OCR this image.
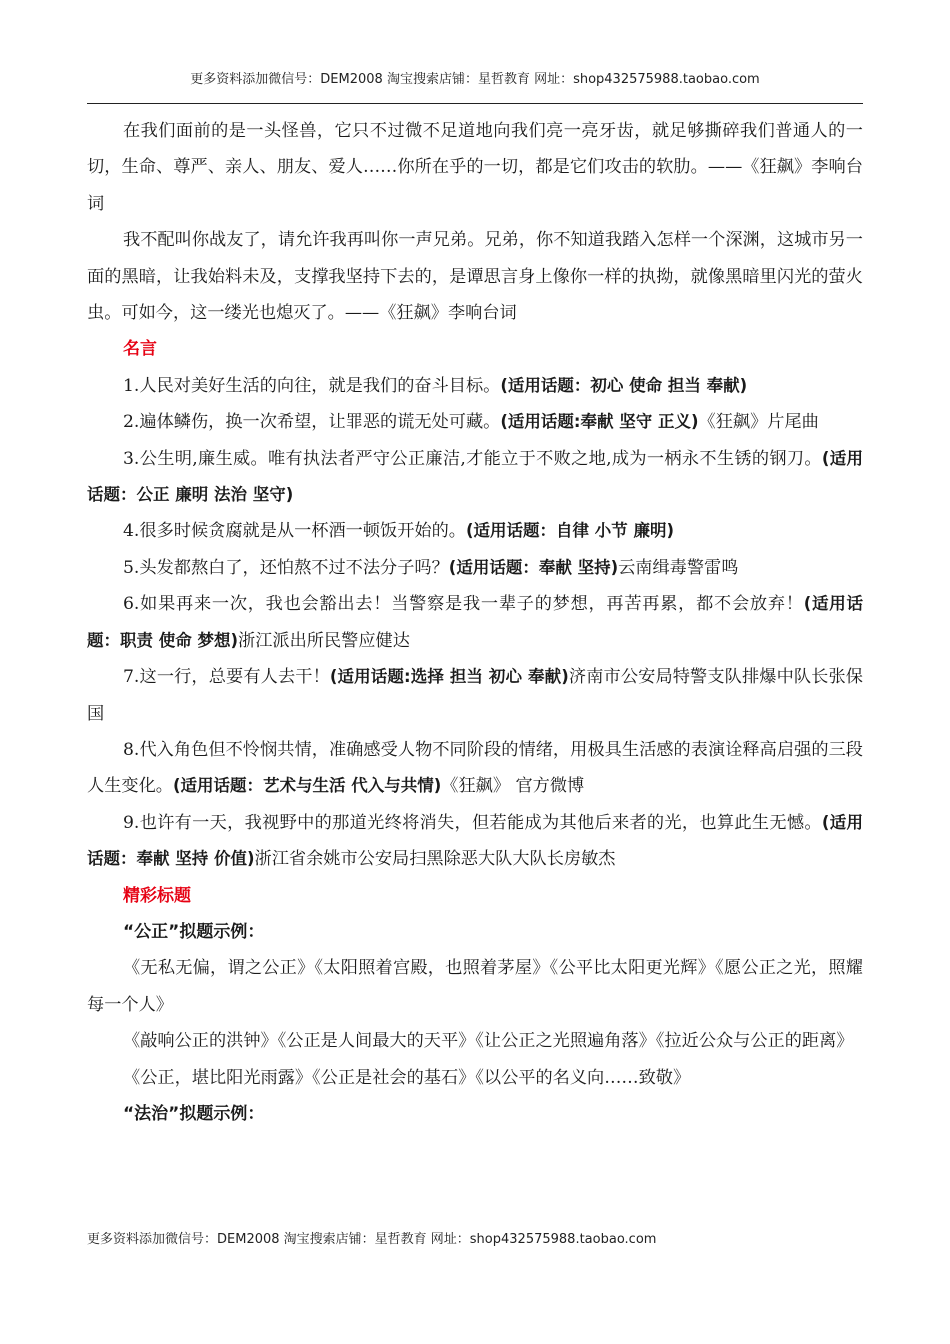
更多资料添加微信号：DEM2008 淘宝搜索店铺：星哲教育 网址：shop432575988.taobao.com

在我们面前的是一头怪兽，它只不过微不足道地向我们亮一亮牙齿，就足够撕碎我们普通人的一切，生命、尊严、亲人、朋友、爱人……你所在乎的一切，都是它们攻击的软肋。——《狂飙》李响台词

我不配叫你战友了，请允许我再叫你一声兄弟。兄弟，你不知道我踏入怎样一个深渊，这城市另一面的黑暗，让我始料未及，支撑我坚持下去的，是谭思言身上像你一样的执拗，就像黑暗里闪光的萤火虫。可如今，这一缕光也熄灭了。——《狂飙》李响台词

名言

1.人民对美好生活的向往，就是我们的奋斗目标。(适用话题：初心 使命 担当 奉献)

2.遍体鳞伤，换一次希望，让罪恶的谎无处可藏。(适用话题:奉献 坚守 正义)《狂飙》片尾曲

3.公生明,廉生威。唯有执法者严守公正廉洁,才能立于不败之地,成为一柄永不生锈的钢刀。(适用话题：公正 廉明 法治 坚守)

4.很多时候贪腐就是从一杯酒一顿饭开始的。(适用话题：自律 小节 廉明)

5.头发都熬白了，还怕熬不过不法分子吗？(适用话题：奉献 坚持)云南缉毒警雷鸣

6.如果再来一次，我也会豁出去！当警察是我一辈子的梦想，再苦再累，都不会放弃！(适用话题：职责 使命 梦想)浙江派出所民警应健达

7.这一行，总要有人去干！(适用话题:选择 担当 初心 奉献)济南市公安局特警支队排爆中队长张保国

8.代入角色但不怜悯共情，准确感受人物不同阶段的情绪，用极具生活感的表演诠释高启强的三段人生变化。(适用话题：艺术与生活 代入与共情)《狂飙》 官方微博

9.也许有一天，我视野中的那道光终将消失，但若能成为其他后来者的光，也算此生无憾。(适用话题：奉献 坚持 价值)浙江省余姚市公安局扫黑除恶大队大队长房敏杰

精彩标题

“公正”拟题示例：

《无私无偏，谓之公正》《太阳照着宫殿，也照着茅屋》《公平比太阳更光辉》《愿公正之光，照耀每一个人》

《敲响公正的洪钟》《公正是人间最大的天平》《让公正之光照遍角落》《拉近公众与公正的距离》

《公正，堪比阳光雨露》《公正是社会的基石》《以公平的名义向……致敬》

“法治”拟题示例：

更多资料添加微信号：DEM2008 淘宝搜索店铺：星哲教育 网址：shop432575988.taobao.com
